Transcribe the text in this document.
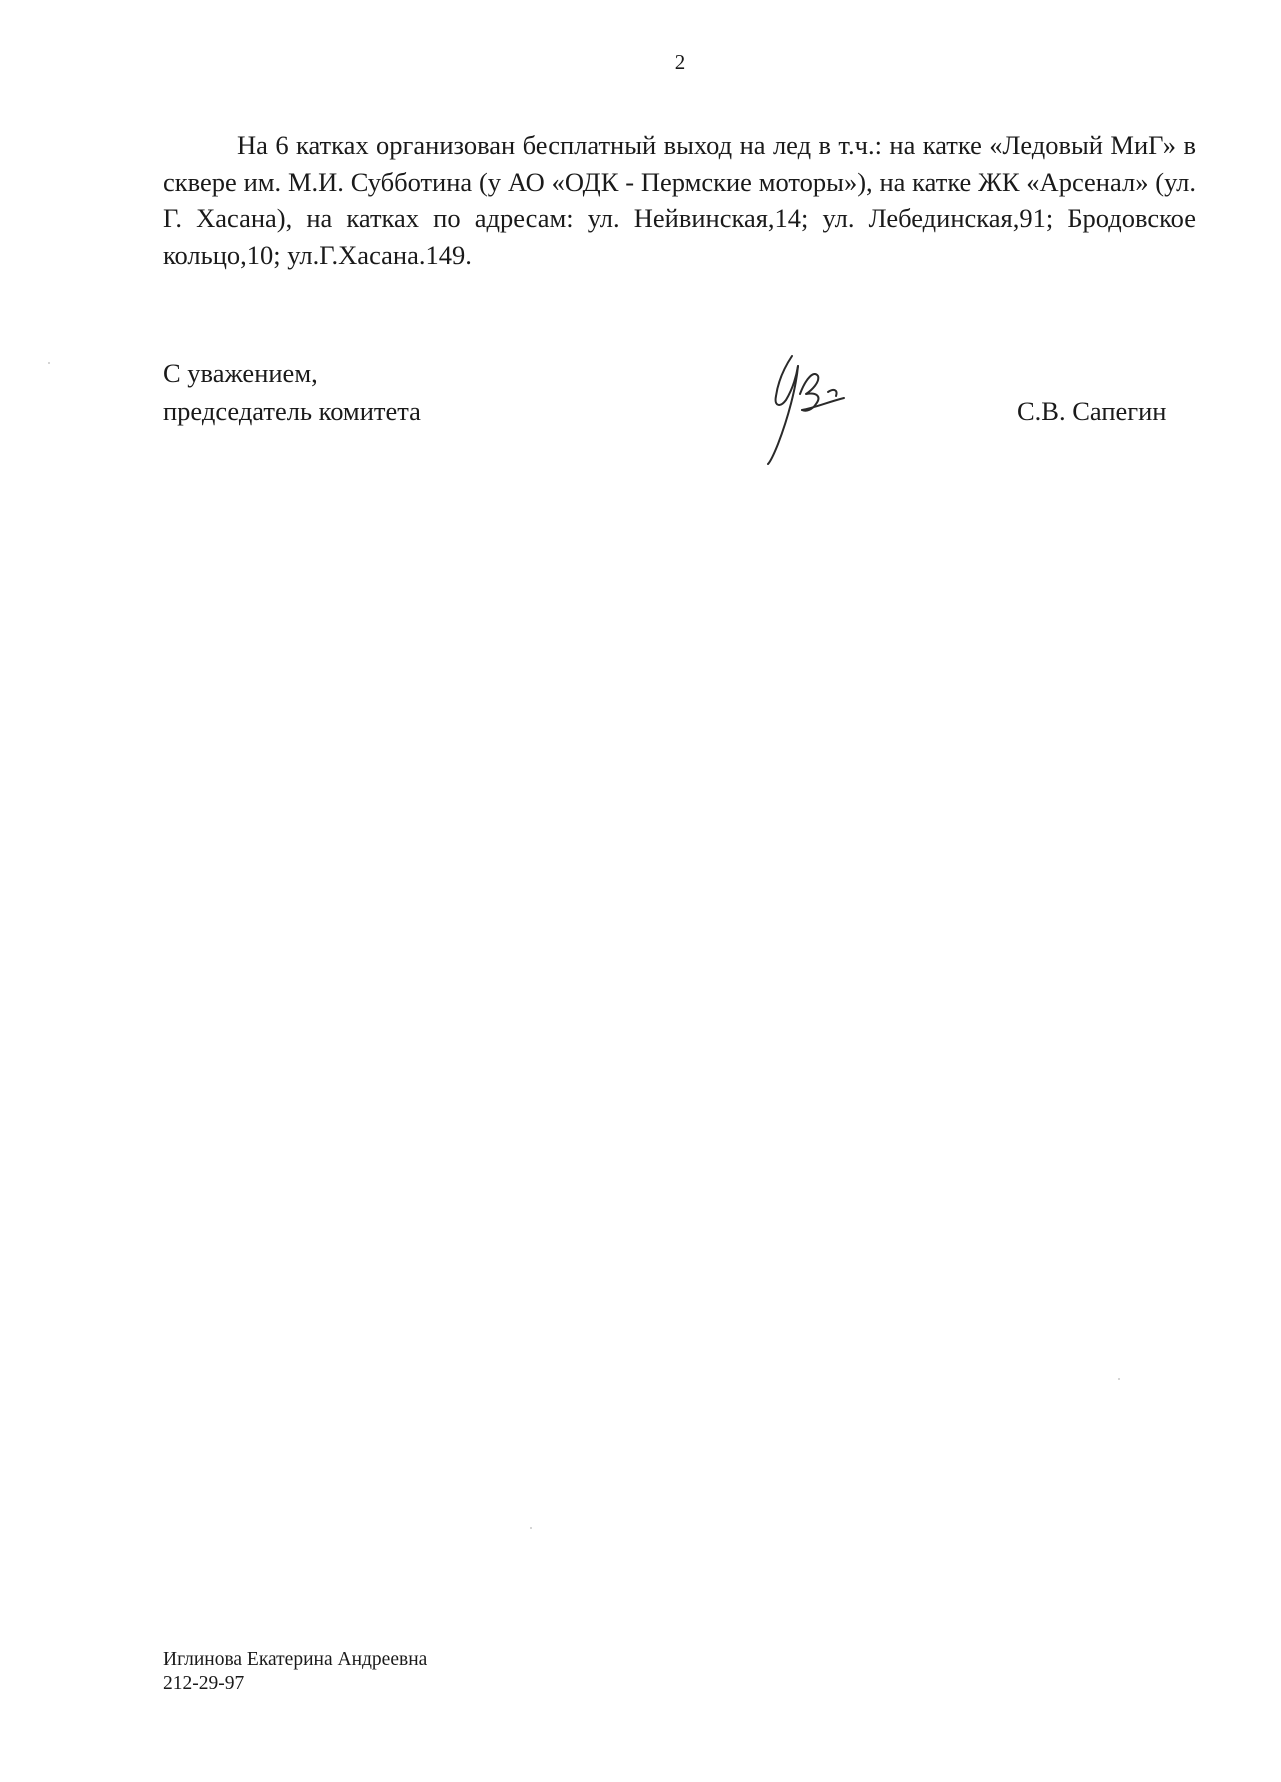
2

На 6 катках организован бесплатный выход на лед в т.ч.: на катке «Ледовый МиГ» в сквере им. М.И. Субботина (у АО «ОДК - Пермские моторы»), на катке ЖК «Арсенал» (ул. Г. Хасана), на катках по адресам: ул. Нейвинская,14; ул. Лебединская,91; Бродовское кольцо,10; ул.Г.Хасана.149.

С уважением,
председатель комитета	С.В. Сапегин
Иглинова Екатерина Андреевна
212-29-97
